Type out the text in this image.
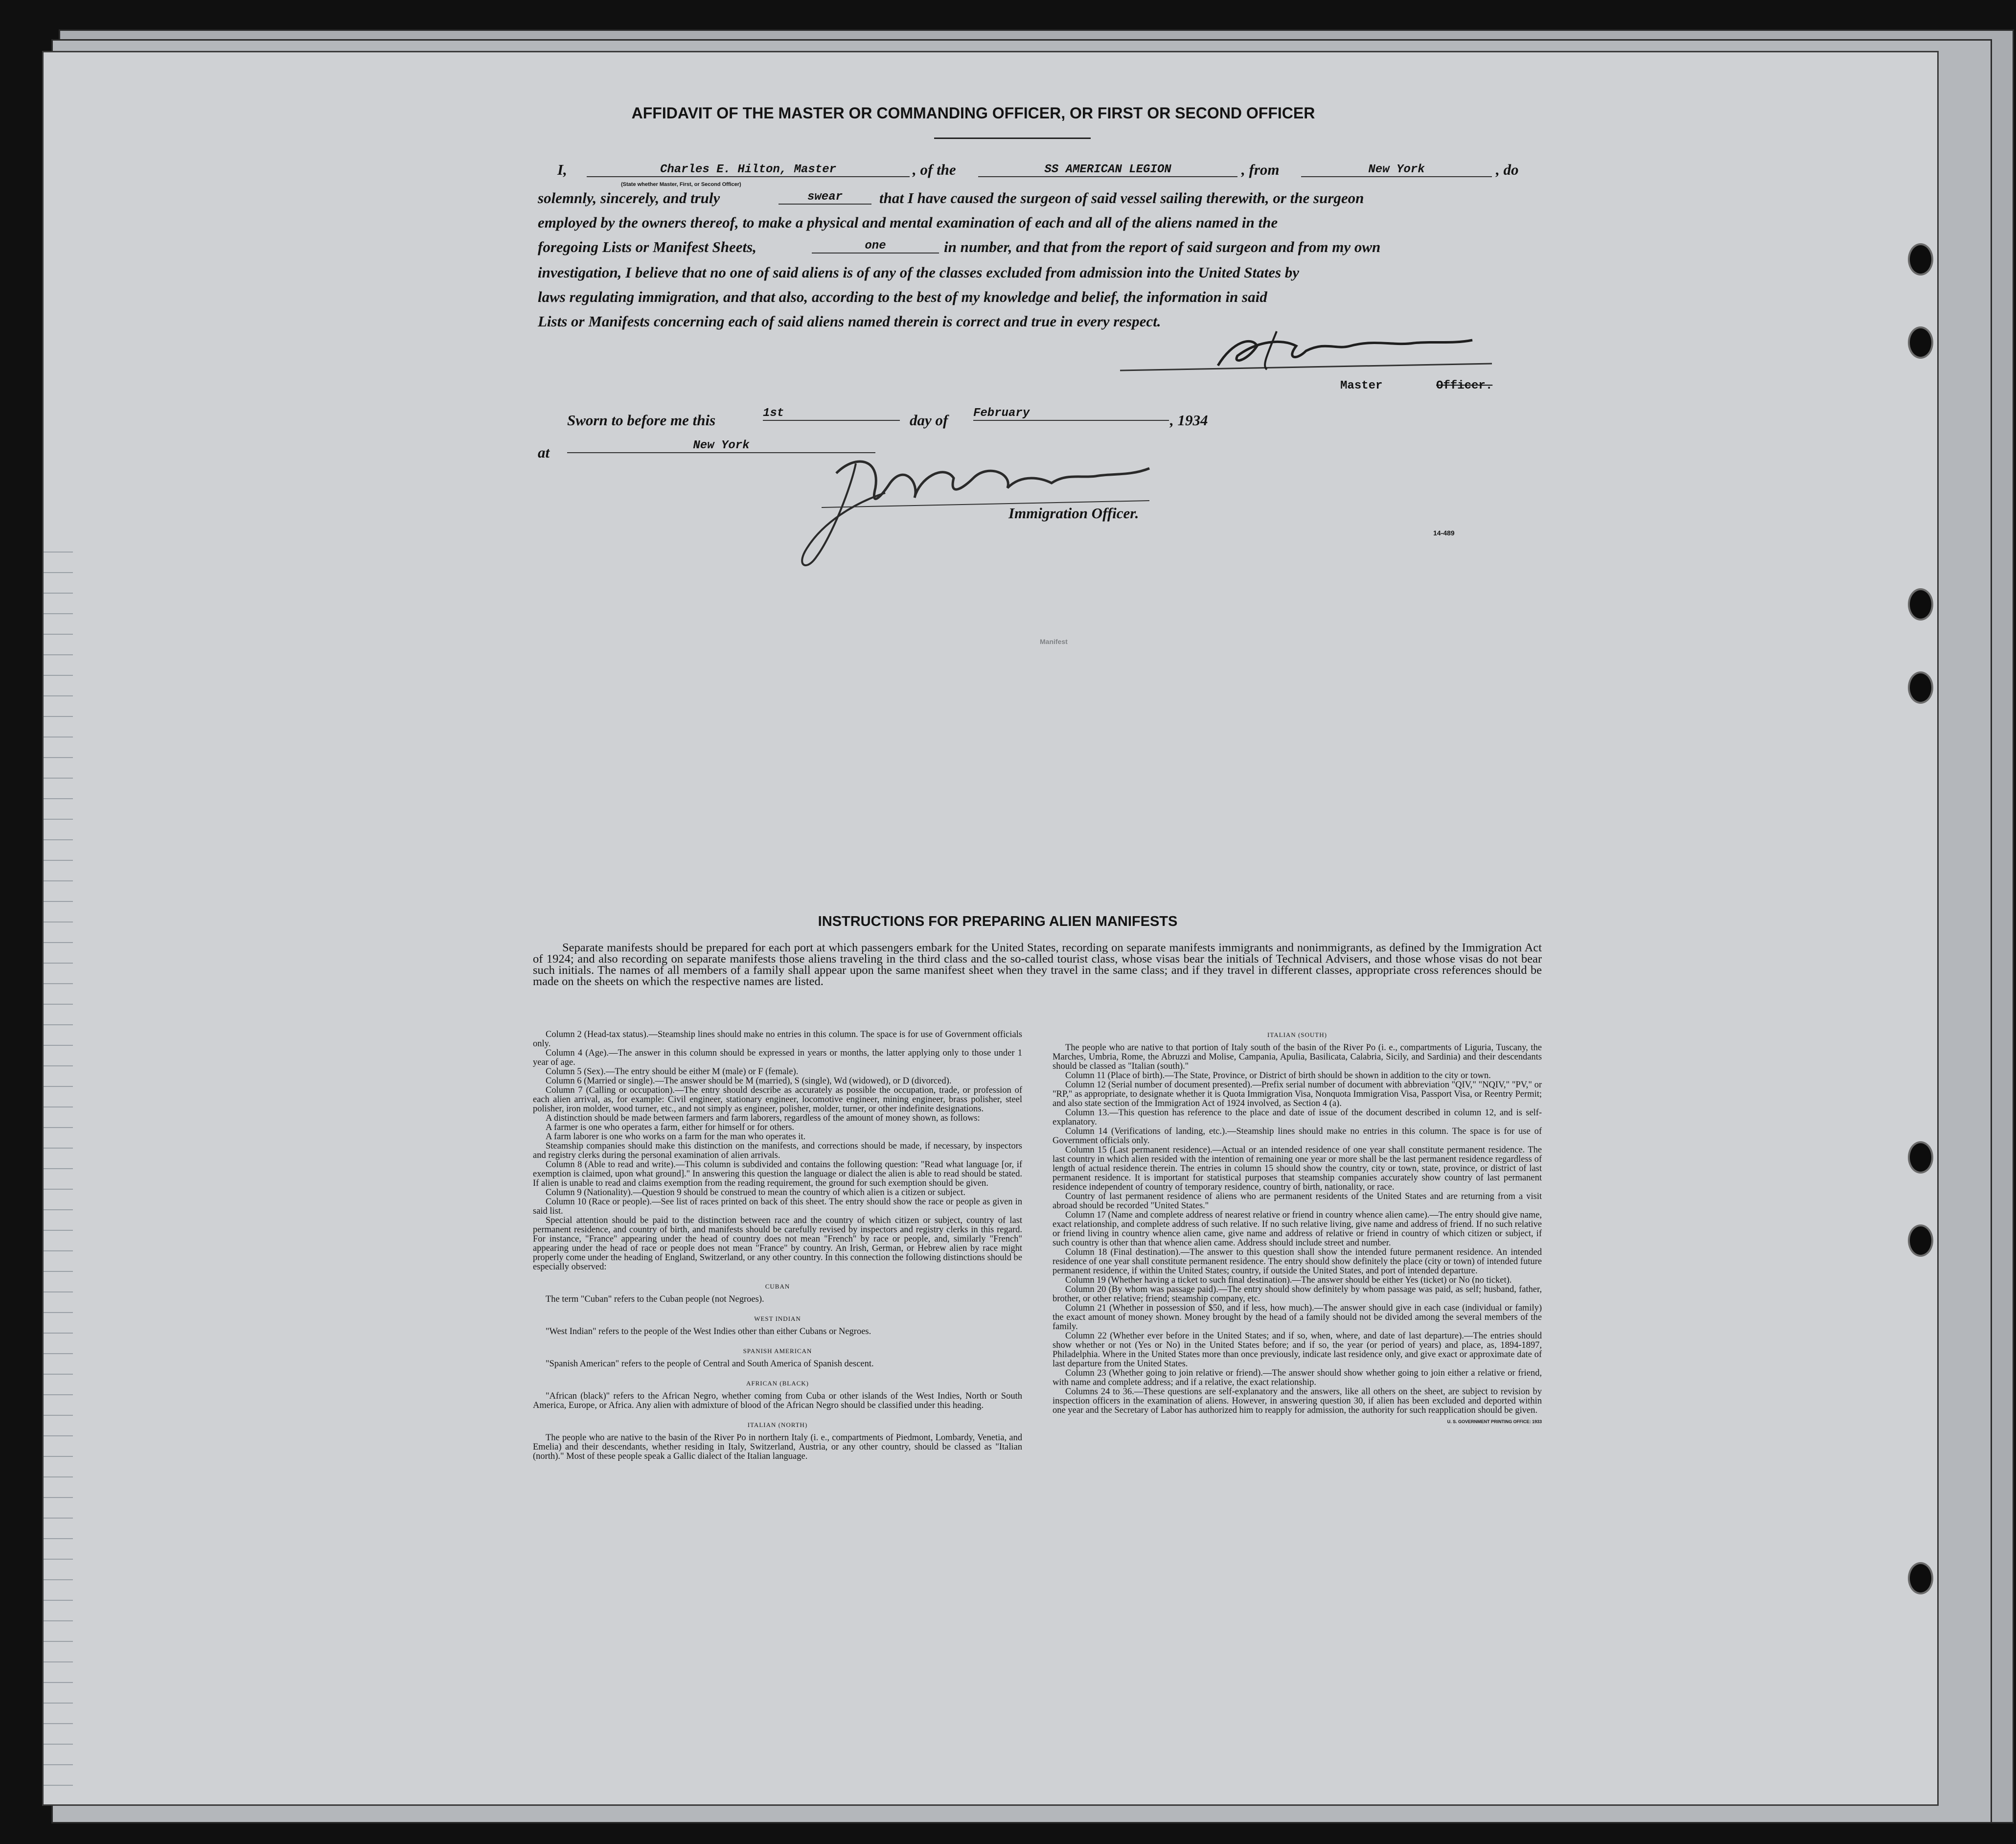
AFFIDAVIT OF THE MASTER OR COMMANDING OFFICER, OR FIRST OR SECOND OFFICER
I,	Charles E. Hilton, Master	, of the	SS AMERICAN LEGION	, from	New York	, do
(State whether Master, First, or Second Officer)
solemnly, sincerely, and truly	swear	that I have caused the surgeon of said vessel sailing therewith, or the surgeon
employed by the owners thereof, to make a physical and mental examination of each and all of the aliens named in the
foregoing Lists or Manifest Sheets,	one	in number, and that from the report of said surgeon and from my own
investigation, I believe that no one of said aliens is of any of the classes excluded from admission into the United States by
laws regulating immigration, and that also, according to the best of my knowledge and belief, the information in said
Lists or Manifests concerning each of said aliens named therein is correct and true in every respect.
Master	Officer.
Sworn to before me this	1st	day of February	, 1934
at	New York
Immigration Officer.
14-489
Manifest
INSTRUCTIONS FOR PREPARING ALIEN MANIFESTS
Separate manifests should be prepared for each port at which passengers embark for the United States, recording on separate manifests immigrants and nonimmigrants, as defined by the Immigration Act of 1924; and also recording on separate manifests those aliens traveling in the third class and the so-called tourist class, whose visas bear the initials of Technical Advisers, and those whose visas do not bear such initials. The names of all members of a family shall appear upon the same manifest sheet when they travel in the same class; and if they travel in different classes, appropriate cross references should be made on the sheets on which the respective names are listed.

Column 2 (Head-tax status).—Steamship lines should make no entries in this column. The space is for use of Government officials only.

Column 4 (Age).—The answer in this column should be expressed in years or months, the latter applying only to those under 1 year of age.

Column 5 (Sex).—The entry should be either M (male) or F (female).

Column 6 (Married or single).—The answer should be M (married), S (single), Wd (widowed), or D (divorced).

Column 7 (Calling or occupation).—The entry should describe as accurately as possible the occupation, trade, or profession of each alien arrival, as, for example: Civil engineer, stationary engineer, locomotive engineer, mining engineer, brass polisher, steel polisher, iron molder, wood turner, etc., and not simply as engineer, polisher, molder, turner, or other indefinite designations.

A distinction should be made between farmers and farm laborers, regardless of the amount of money shown, as follows:

A farmer is one who operates a farm, either for himself or for others.

A farm laborer is one who works on a farm for the man who operates it.

Steamship companies should make this distinction on the manifests, and corrections should be made, if necessary, by inspectors and registry clerks during the personal examination of alien arrivals.

Column 8 (Able to read and write).—This column is subdivided and contains the following question: "Read what language [or, if exemption is claimed, upon what ground]." In answering this question the language or dialect the alien is able to read should be stated. If alien is unable to read and claims exemption from the reading requirement, the ground for such exemption should be given.

Column 9 (Nationality).—Question 9 should be construed to mean the country of which alien is a citizen or subject.

Column 10 (Race or people).—See list of races printed on back of this sheet. The entry should show the race or people as given in said list.

Special attention should be paid to the distinction between race and the country of which citizen or subject, country of last permanent residence, and country of birth, and manifests should be carefully revised by inspectors and registry clerks in this regard. For instance, "France" appearing under the head of country does not mean "French" by race or people, and, similarly "French" appearing under the head of race or people does not mean "France" by country. An Irish, German, or Hebrew alien by race might properly come under the heading of England, Switzerland, or any other country. In this connection the following distinctions should be especially observed:

CUBAN

The term "Cuban" refers to the Cuban people (not Negroes).

WEST INDIAN

"West Indian" refers to the people of the West Indies other than either Cubans or Negroes.

SPANISH AMERICAN

"Spanish American" refers to the people of Central and South America of Spanish descent.

AFRICAN (BLACK)

"African (black)" refers to the African Negro, whether coming from Cuba or other islands of the West Indies, North or South America, Europe, or Africa. Any alien with admixture of blood of the African Negro should be classified under this heading.

ITALIAN (NORTH)

The people who are native to the basin of the River Po in northern Italy (i. e., compartments of Piedmont, Lombardy, Venetia, and Emelia) and their descendants, whether residing in Italy, Switzerland, Austria, or any other country, should be classed as "Italian (north)." Most of these people speak a Gallic dialect of the Italian language.

ITALIAN (SOUTH)

The people who are native to that portion of Italy south of the basin of the River Po (i. e., compartments of Liguria, Tuscany, the Marches, Umbria, Rome, the Abruzzi and Molise, Campania, Apulia, Basilicata, Calabria, Sicily, and Sardinia) and their descendants should be classed as "Italian (south)."

Column 11 (Place of birth).—The State, Province, or District of birth should be shown in addition to the city or town.

Column 12 (Serial number of document presented).—Prefix serial number of document with abbreviation "QIV," "NQIV," "PV," or "RP," as appropriate, to designate whether it is Quota Immigration Visa, Nonquota Immigration Visa, Passport Visa, or Reentry Permit; and also state section of the Immigration Act of 1924 involved, as Section 4 (a).

Column 13.—This question has reference to the place and date of issue of the document described in column 12, and is self-explanatory.

Column 14 (Verifications of landing, etc.).—Steamship lines should make no entries in this column. The space is for use of Government officials only.

Column 15 (Last permanent residence).—Actual or an intended residence of one year shall constitute permanent residence. The last country in which alien resided with the intention of remaining one year or more shall be the last permanent residence regardless of length of actual residence therein. The entries in column 15 should show the country, city or town, state, province, or district of last permanent residence. It is important for statistical purposes that steamship companies accurately show country of last permanent residence independent of country of temporary residence, country of birth, nationality, or race.

Country of last permanent residence of aliens who are permanent residents of the United States and are returning from a visit abroad should be recorded "United States."

Column 17 (Name and complete address of nearest relative or friend in country whence alien came).—The entry should give name, exact relationship, and complete address of such relative. If no such relative living, give name and address of friend. If no such relative or friend living in country whence alien came, give name and address of relative or friend in country of which citizen or subject, if such country is other than that whence alien came. Address should include street and number.

Column 18 (Final destination).—The answer to this question shall show the intended future permanent residence. An intended residence of one year shall constitute permanent residence. The entry should show definitely the place (city or town) of intended future permanent residence, if within the United States; country, if outside the United States, and port of intended departure.

Column 19 (Whether having a ticket to such final destination).—The answer should be either Yes (ticket) or No (no ticket).

Column 20 (By whom was passage paid).—The entry should show definitely by whom passage was paid, as self; husband, father, brother, or other relative; friend; steamship company, etc.

Column 21 (Whether in possession of $50, and if less, how much).—The answer should give in each case (individual or family) the exact amount of money shown. Money brought by the head of a family should not be divided among the several members of the family.

Column 22 (Whether ever before in the United States; and if so, when, where, and date of last departure).—The entries should show whether or not (Yes or No) in the United States before; and if so, the year (or period of years) and place, as, 1894-1897, Philadelphia. Where in the United States more than once previously, indicate last residence only, and give exact or approximate date of last departure from the United States.

Column 23 (Whether going to join relative or friend).—The answer should show whether going to join either a relative or friend, with name and complete address; and if a relative, the exact relationship.

Columns 24 to 36.—These questions are self-explanatory and the answers, like all others on the sheet, are subject to revision by inspection officers in the examination of aliens. However, in answering question 30, if alien has been excluded and deported within one year and the Secretary of Labor has authorized him to reapply for admission, the authority for such reapplication should be given.

U. S. GOVERNMENT PRINTING OFFICE: 1933
